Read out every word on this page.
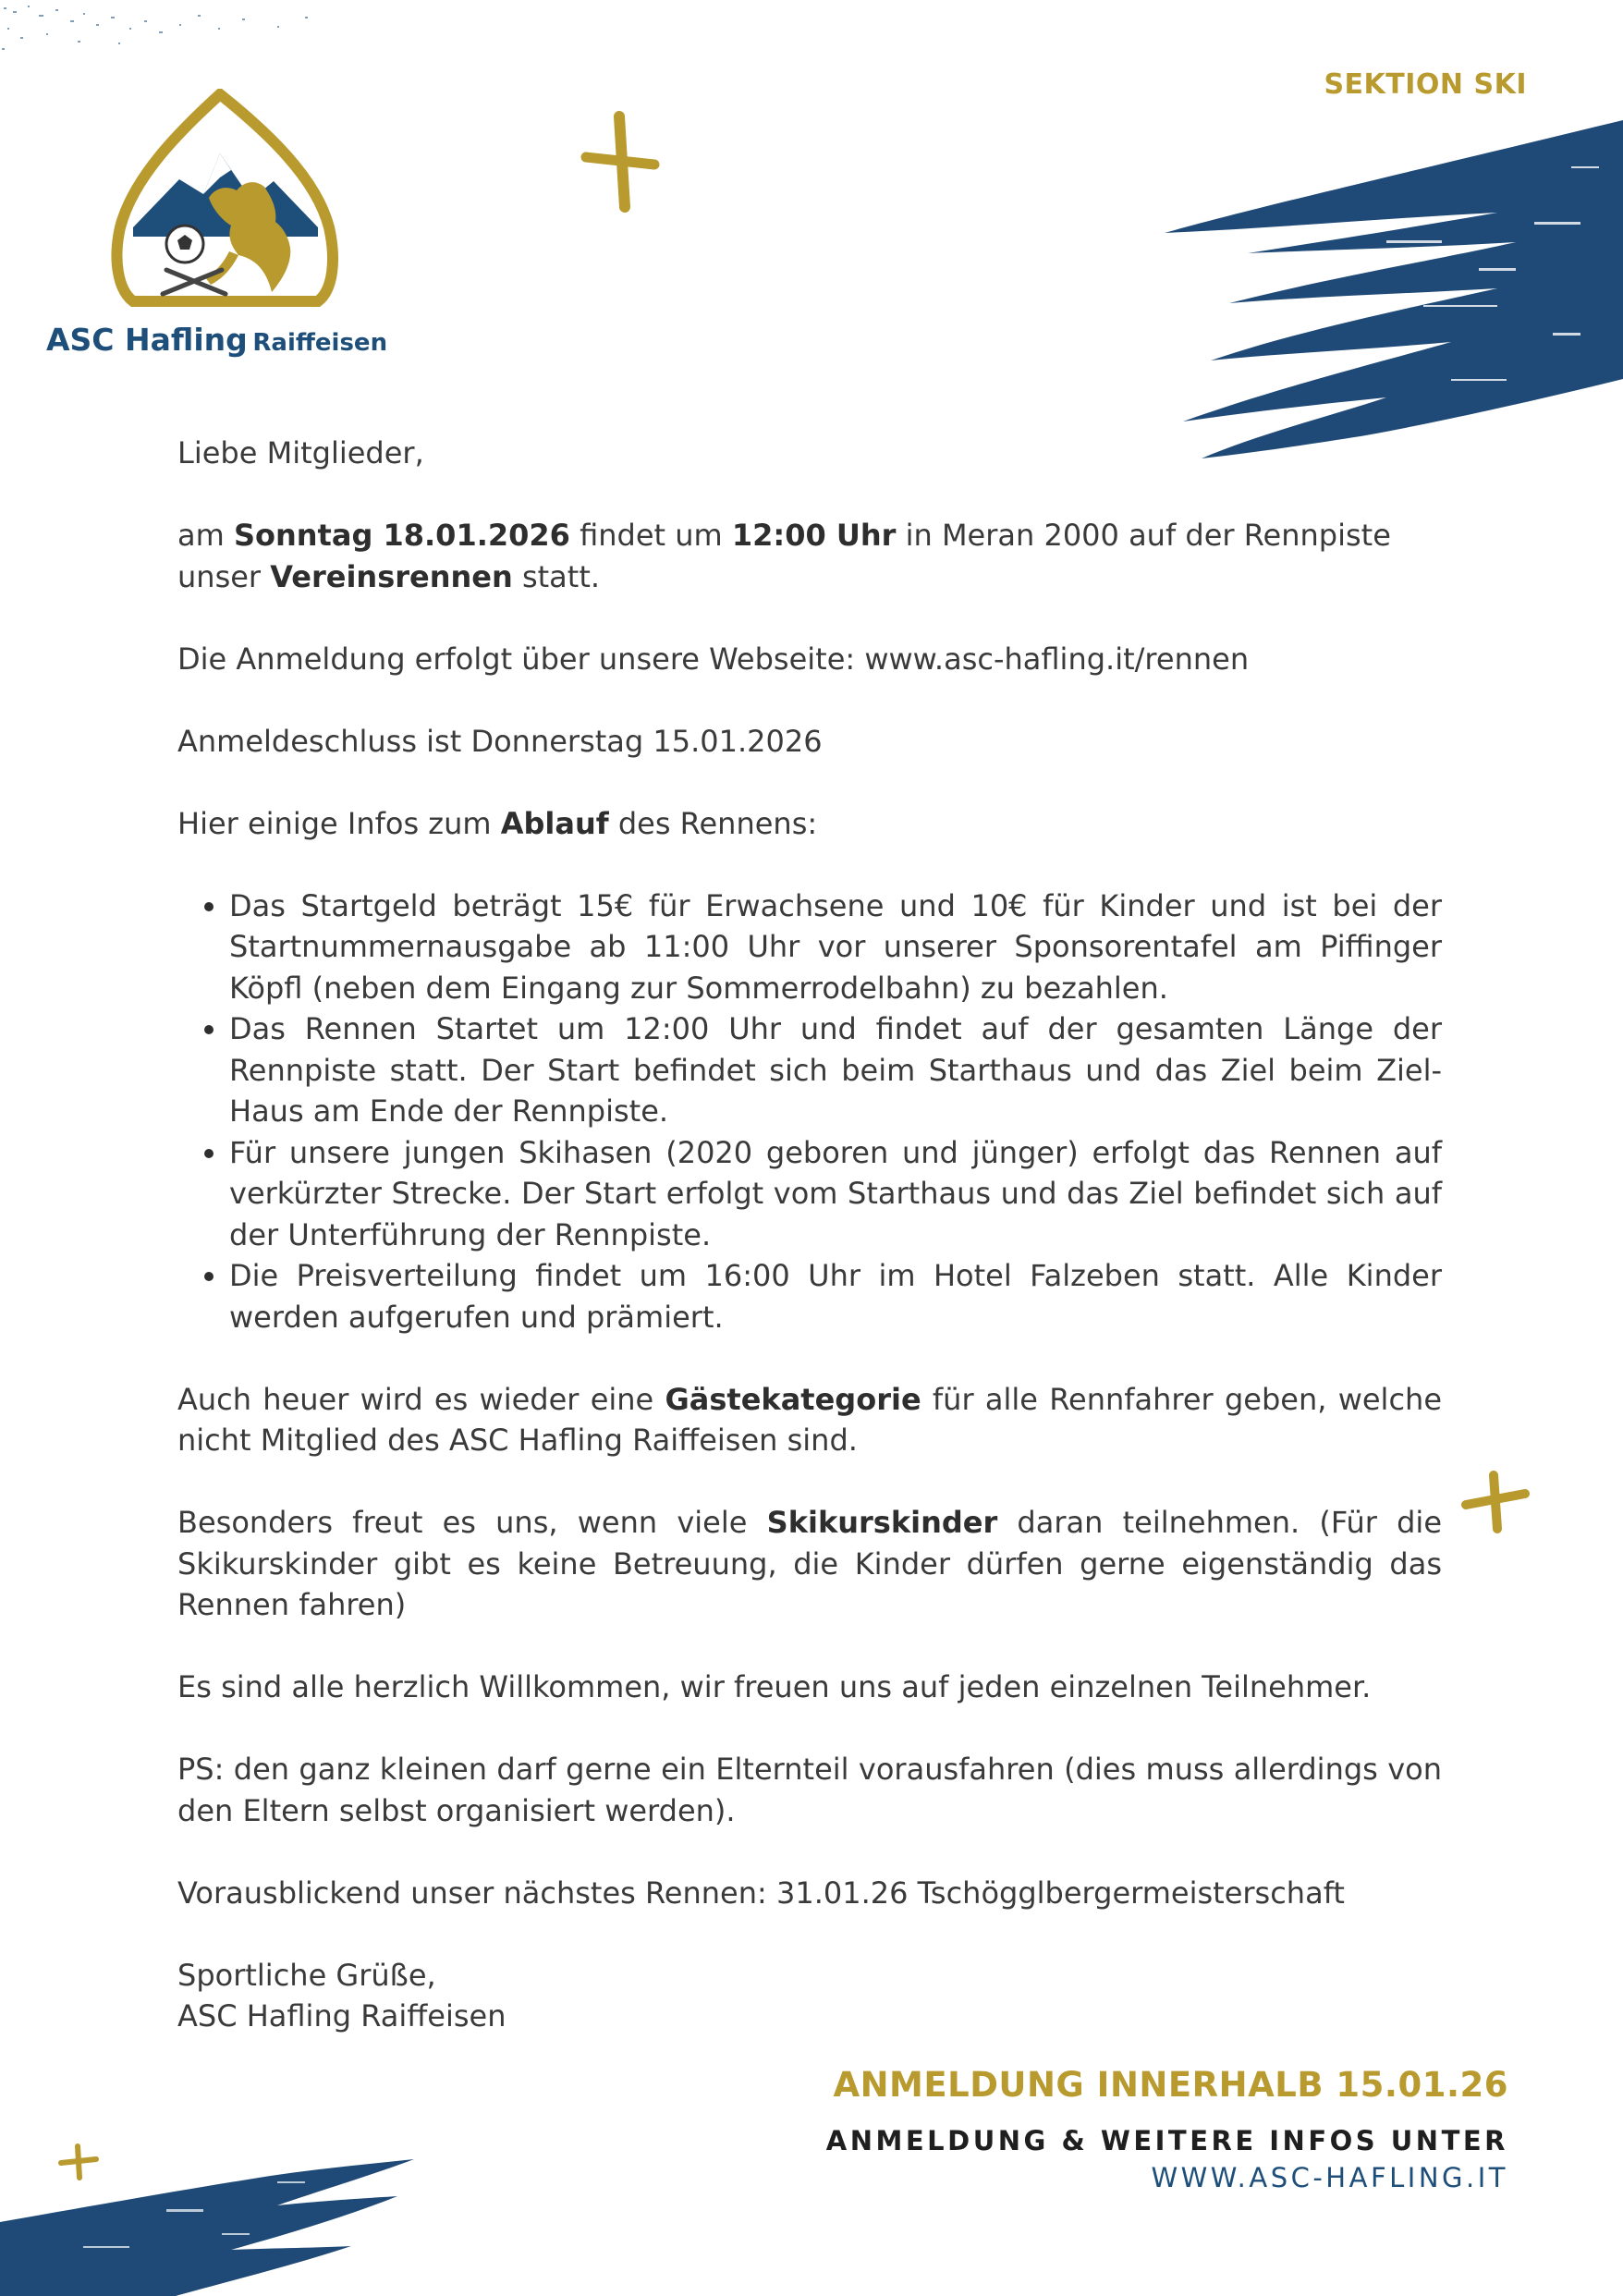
SEKTION SKI
ASC Hafling Raiffeisen

Liebe Mitglieder,

am Sonntag 18.01.2026 findet um 12:00 Uhr in Meran 2000 auf der Rennpiste unser Vereinsrennen statt.

Die Anmeldung erfolgt über unsere Webseite: www.asc-hafling.it/rennen

Anmeldeschluss ist Donnerstag 15.01.2026

Hier einige Infos zum Ablauf des Rennens:

• Das Startgeld beträgt 15€ für Erwachsene und 10€ für Kinder und ist bei der Startnummernausgabe ab 11:00 Uhr vor unserer Sponsorentafel am Piffinger Köpfl (neben dem Eingang zur Sommerrodelbahn) zu bezahlen.
• Das Rennen Startet um 12:00 Uhr und findet auf der gesamten Länge der Rennpiste statt. Der Start befindet sich beim Starthaus und das Ziel beim Ziel-Haus am Ende der Rennpiste.
• Für unsere jungen Skihasen (2020 geboren und jünger) erfolgt das Rennen auf verkürzter Strecke. Der Start erfolgt vom Starthaus und das Ziel befindet sich auf der Unterführung der Rennpiste.
• Die Preisverteilung findet um 16:00 Uhr im Hotel Falzeben statt. Alle Kinder werden aufgerufen und prämiert.

Auch heuer wird es wieder eine Gästekategorie für alle Rennfahrer geben, welche nicht Mitglied des ASC Hafling Raiffeisen sind.

Besonders freut es uns, wenn viele Skikurskinder daran teilnehmen. (Für die Skikurskinder gibt es keine Betreuung, die Kinder dürfen gerne eigenständig das Rennen fahren)

Es sind alle herzlich Willkommen, wir freuen uns auf jeden einzelnen Teilnehmer.

PS: den ganz kleinen darf gerne ein Elternteil vorausfahren (dies muss allerdings von den Eltern selbst organisiert werden).

Vorausblickend unser nächstes Rennen: 31.01.26 Tschögglbergermeisterschaft

Sportliche Grüße,
ASC Hafling Raiffeisen
ANMELDUNG INNERHALB 15.01.26
ANMELDUNG & WEITERE INFOS UNTER
WWW.ASC-HAFLING.IT
